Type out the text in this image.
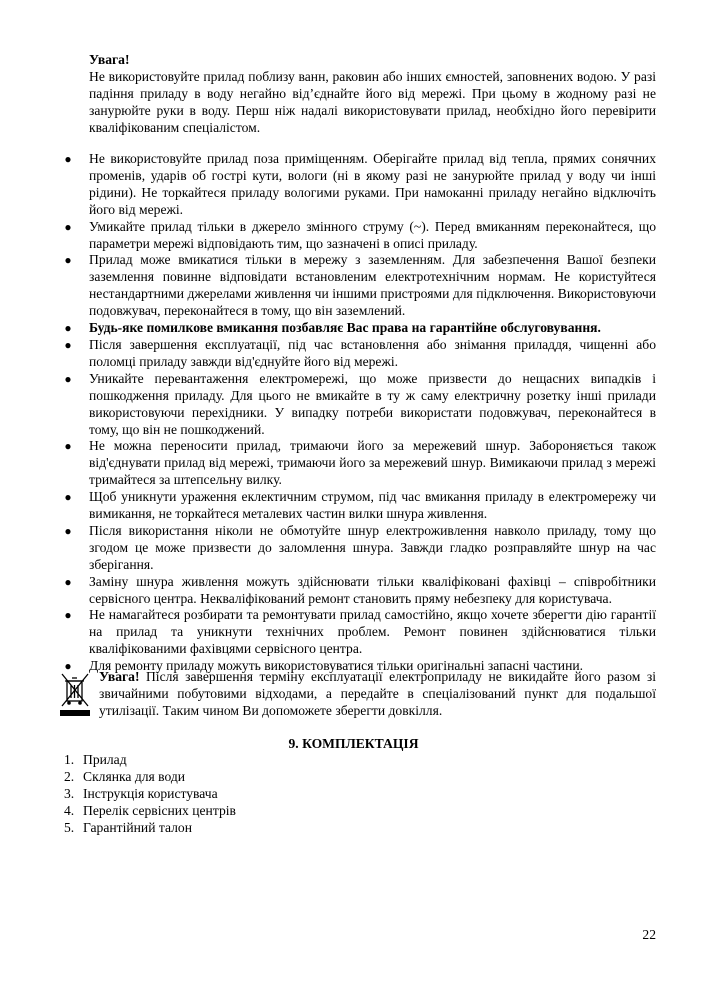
Увага!

Не використовуйте прилад поблизу ванн, раковин або інших ємностей, заповнених водою. У разі падіння приладу в воду негайно від’єднайте його від мережі. При цьому в жодному разі не занурюйте руки в воду. Перш ніж надалі використовувати прилад, необхідно його перевірити кваліфікованим спеціалістом.

● Не використовуйте прилад поза приміщенням. Оберігайте прилад від тепла, прямих сонячних променів, ударів об гострі кути, вологи (ні в якому разі не занурюйте прилад у воду чи інші рідини). Не торкайтеся приладу вологими руками. При намоканні приладу негайно відключіть його від мережі.
● Умикайте прилад тільки в джерело змінного струму (~). Перед вмиканням переконайтеся, що параметри мережі відповідають тим, що зазначені в описі приладу.
● Прилад може вмикатися тільки в мережу з заземленням. Для забезпечення Вашої безпеки заземлення повинне відповідати встановленим електротехнічним нормам. Не користуйтеся нестандартними джерелами живлення чи іншими пристроями для підключення. Використовуючи подовжувач, переконайтеся в тому, що він заземлений.
● Будь-яке помилкове вмикання позбавляє Вас права на гарантійне обслуговування.
● Після завершення експлуатації, під час встановлення або знімання приладдя, чищенні або поломці приладу завжди від'єднуйте його від мережі.
● Уникайте перевантаження електромережі, що може призвести до нещасних випадків і пошкодження приладу. Для цього не вмикайте в ту ж саму електричну розетку інші прилади використовуючи перехідники. У випадку потреби використати подовжувач, переконайтеся в тому, що він не пошкоджений.
● Не можна переносити прилад, тримаючи його за мережевий шнур. Забороняється також від'єднувати прилад від мережі, тримаючи його за мережевий шнур. Вимикаючи прилад з мережі тримайтеся за штепсельну вилку.
● Щоб уникнути ураження еклектичним струмом, під час вмикання приладу в електромережу чи вимикання, не торкайтеся металевих частин вилки шнура живлення.
● Після використання ніколи не обмотуйте шнур електроживлення навколо приладу, тому що згодом це може призвести до заломлення шнура. Завжди гладко розправляйте шнур на час зберігання.
● Заміну шнура живлення можуть здійснювати тільки кваліфіковані фахівці – співробітники сервісного центра. Некваліфікований ремонт становить пряму небезпеку для користувача.
● Не намагайтеся розбирати та ремонтувати прилад самостійно, якщо хочете зберегти дію гарантії на прилад та уникнути технічних проблем. Ремонт повинен здійснюватися тільки кваліфікованими фахівцями сервісного центра.
● Для ремонту приладу можуть використовуватися тільки оригінальні запасні частини.

Увага! Після завершення терміну експлуатації електроприладу не викидайте його разом зі звичайними побутовими відходами, а передайте в спеціалізований пункт для подальшої утилізації. Таким чином Ви допоможете зберегти довкілля.

9. КОМПЛЕКТАЦІЯ

1. Прилад
2. Склянка для води
3. Інструкція користувача
4. Перелік сервісних центрів
5. Гарантійний талон

22
